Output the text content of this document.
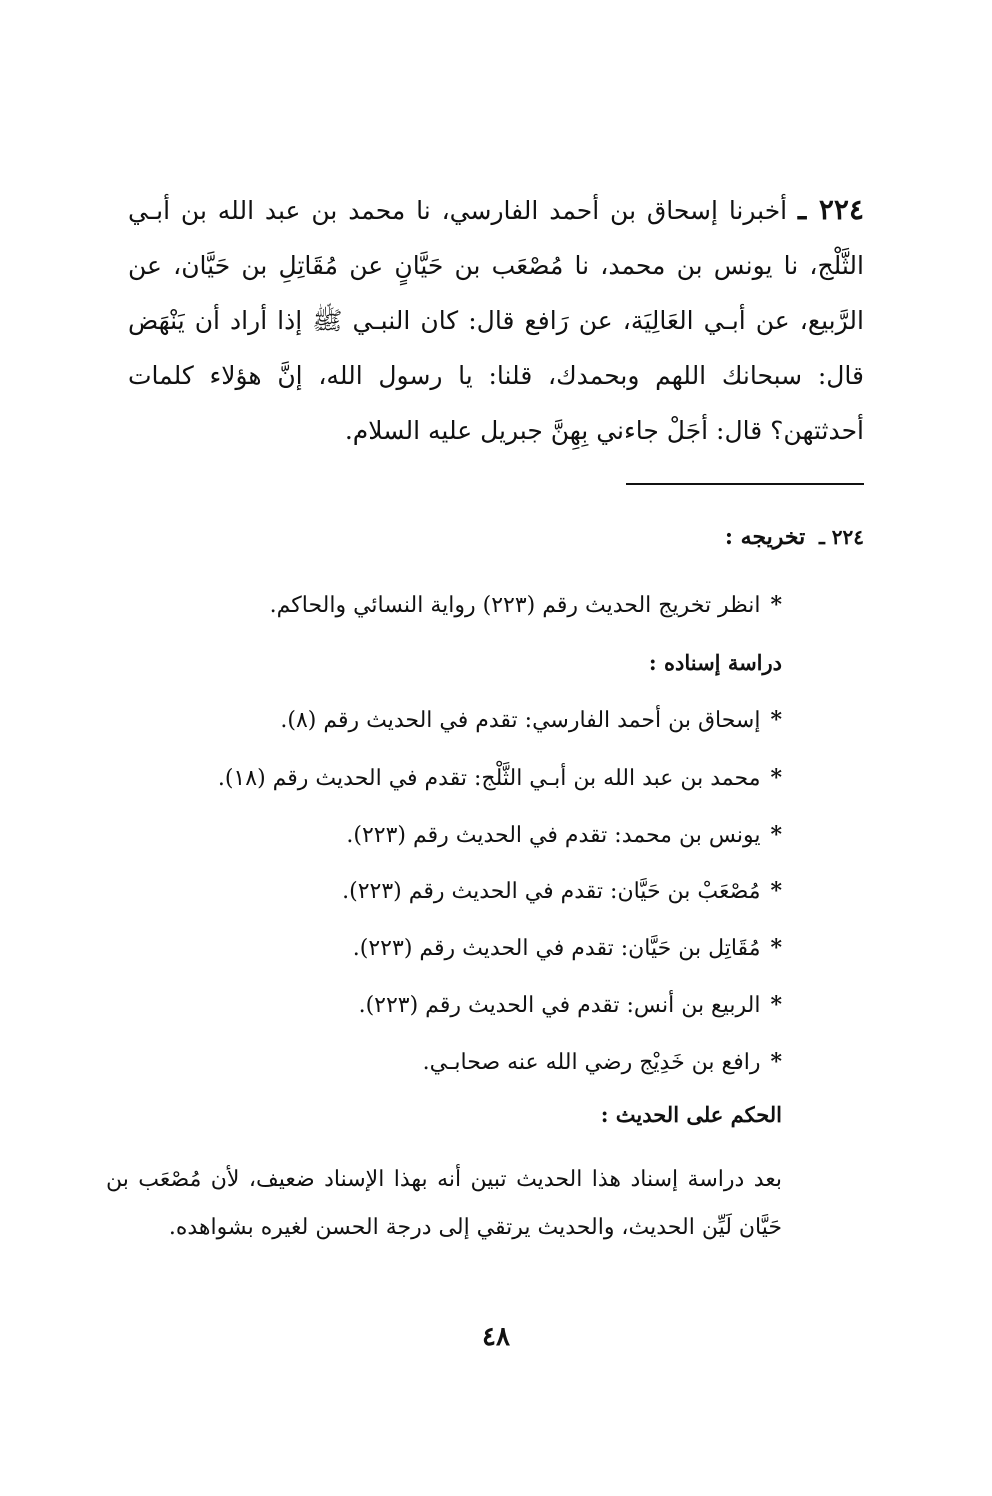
٢٢٤ ـ أخبرنا إسحاق بن أحمد الفارسي، نا محمد بن عبد الله بن أبـي الثَّلْج، نا يونس بن محمد، نا مُصْعَب بن حَيَّانٍ عن مُقَاتِلِ بن حَيَّان، عن الرَّبيع، عن أبـي العَالِيَة، عن رَافع قال: كان النبـي ﷺ إذا أراد أن يَنْهَض قال: سبحانك اللهم وبحمدك، قلنا: يا رسول الله، إنَّ هؤلاء كلمات أحدثتهن؟ قال: أجَلْ جاءني بِهِنَّ جبريل عليه السلام.
٢٢٤ ـ تخريجه :
*انظر تخريج الحديث رقم (٢٢٣) رواية النسائي والحاكم.
دراسة إسناده :
*إسحاق بن أحمد الفارسي: تقدم في الحديث رقم (٨).
*محمد بن عبد الله بن أبـي الثَّلْج: تقدم في الحديث رقم (١٨).
*يونس بن محمد: تقدم في الحديث رقم (٢٢٣).
*مُصْعَبْ بن حَيَّان: تقدم في الحديث رقم (٢٢٣).
*مُقَاتِل بن حَيَّان: تقدم في الحديث رقم (٢٢٣).
*الربيع بن أنس: تقدم في الحديث رقم (٢٢٣).
*رافع بن خَدِيْج رضي الله عنه صحابـي.
الحكم على الحديث :
بعد دراسة إسناد هذا الحديث تبين أنه بهذا الإسناد ضعيف، لأن مُصْعَب بن حَيَّان لَيِّن الحديث، والحديث يرتقي إلى درجة الحسن لغيره بشواهده.
٤٨
